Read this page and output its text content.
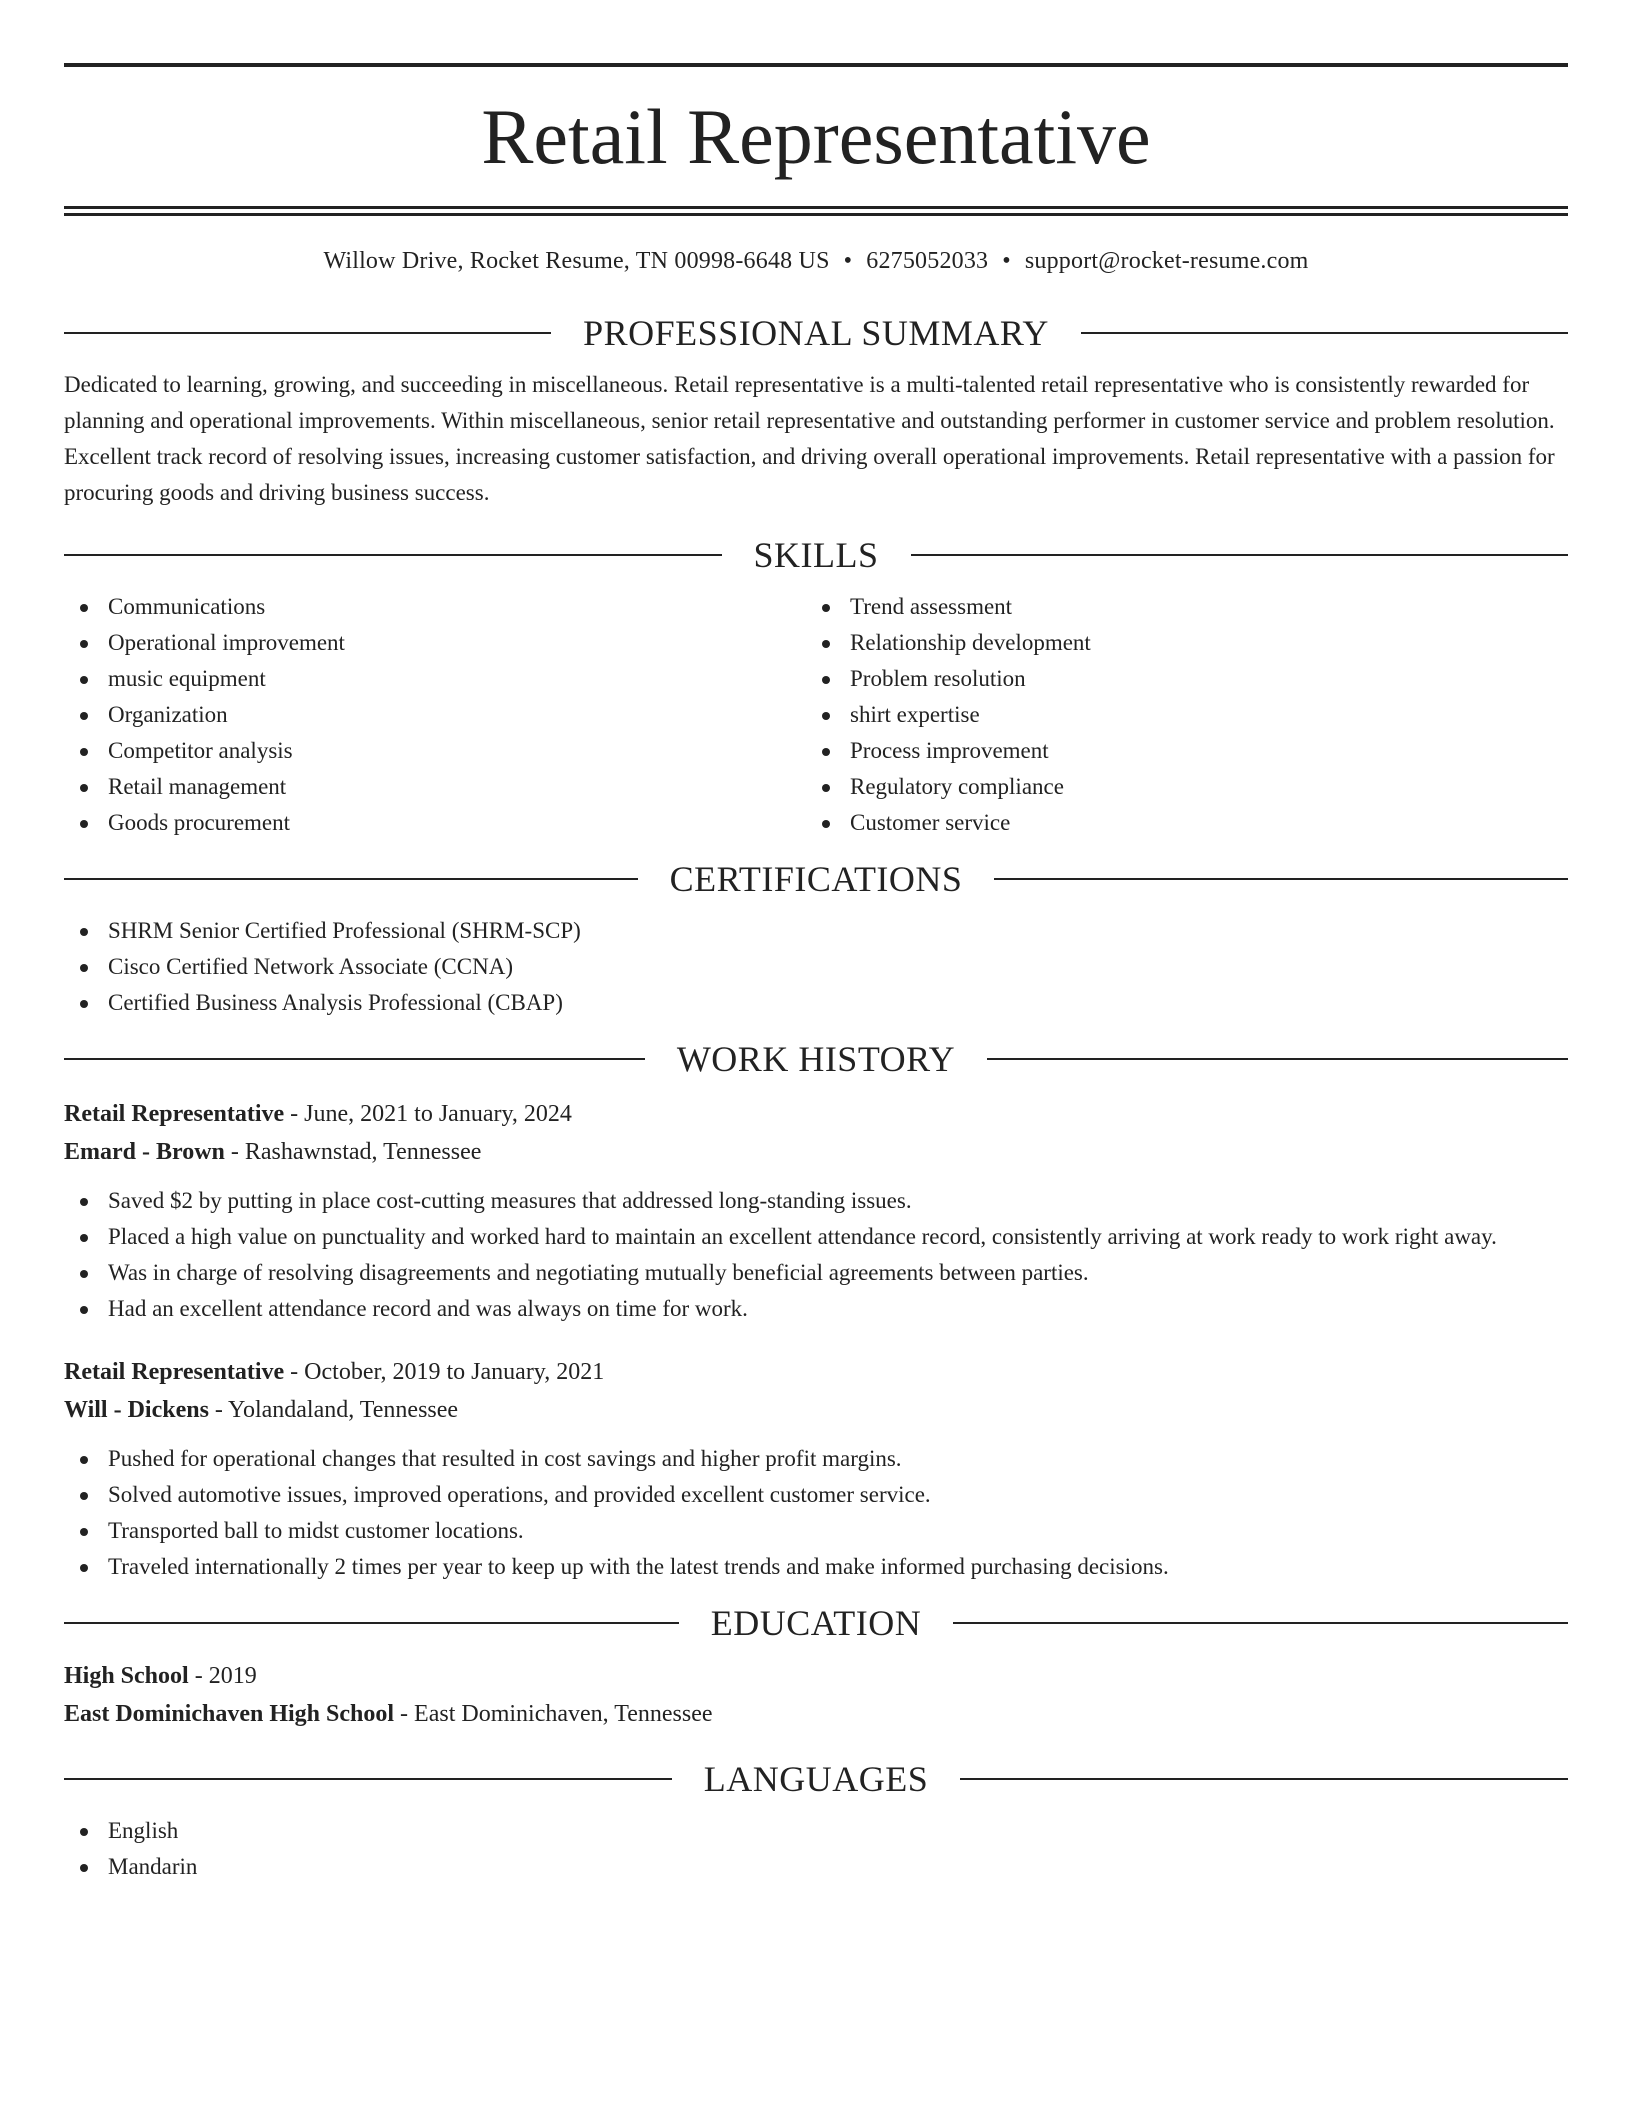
Retail Representative
Willow Drive, Rocket Resume, TN 00998-6648 US • 6275052033 • support@rocket-resume.com
PROFESSIONAL SUMMARY

Dedicated to learning, growing, and succeeding in miscellaneous. Retail representative is a multi-talented retail representative who is consistently rewarded for planning and operational improvements. Within miscellaneous, senior retail representative and outstanding performer in customer service and problem resolution. Excellent track record of resolving issues, increasing customer satisfaction, and driving overall operational improvements. Retail representative with a passion for procuring goods and driving business success.

SKILLS
Communications
Operational improvement
music equipment
Organization
Competitor analysis
Retail management
Goods procurement
Trend assessment
Relationship development
Problem resolution
shirt expertise
Process improvement
Regulatory compliance
Customer service
CERTIFICATIONS
SHRM Senior Certified Professional (SHRM-SCP)
Cisco Certified Network Associate (CCNA)
Certified Business Analysis Professional (CBAP)
WORK HISTORY
Retail Representative - June, 2021 to January, 2024
Emard - Brown - Rashawnstad, Tennessee
Saved $2 by putting in place cost-cutting measures that addressed long-standing issues.
Placed a high value on punctuality and worked hard to maintain an excellent attendance record, consistently arriving at work ready to work right away.
Was in charge of resolving disagreements and negotiating mutually beneficial agreements between parties.
Had an excellent attendance record and was always on time for work.
Retail Representative - October, 2019 to January, 2021
Will - Dickens - Yolandaland, Tennessee
Pushed for operational changes that resulted in cost savings and higher profit margins.
Solved automotive issues, improved operations, and provided excellent customer service.
Transported ball to midst customer locations.
Traveled internationally 2 times per year to keep up with the latest trends and make informed purchasing decisions.
EDUCATION
High School - 2019
East Dominichaven High School - East Dominichaven, Tennessee
LANGUAGES
English
Mandarin
